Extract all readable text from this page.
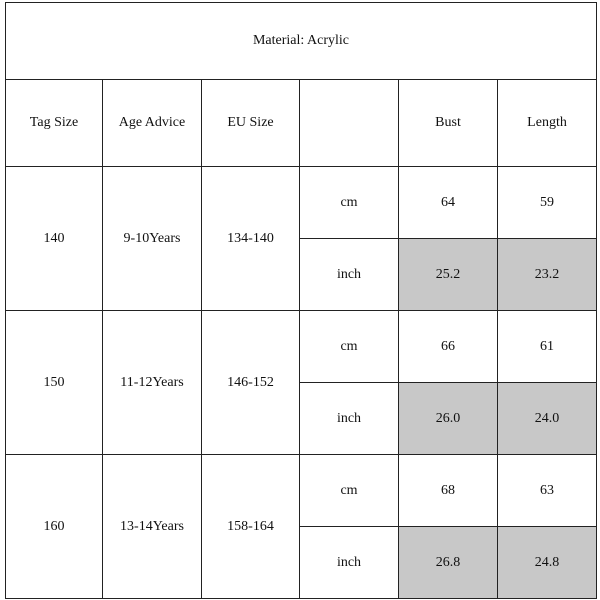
Material: Acrylic					
Tag Size	Age Advice	EU Size		Bust	Length
140	9-10Years	134-140	cm	64	59
			inch	25.2	23.2
150	11-12Years	146-152	cm	66	61
			inch	26.0	24.0
160	13-14Years	158-164	cm	68	63
			inch	26.8	24.8
